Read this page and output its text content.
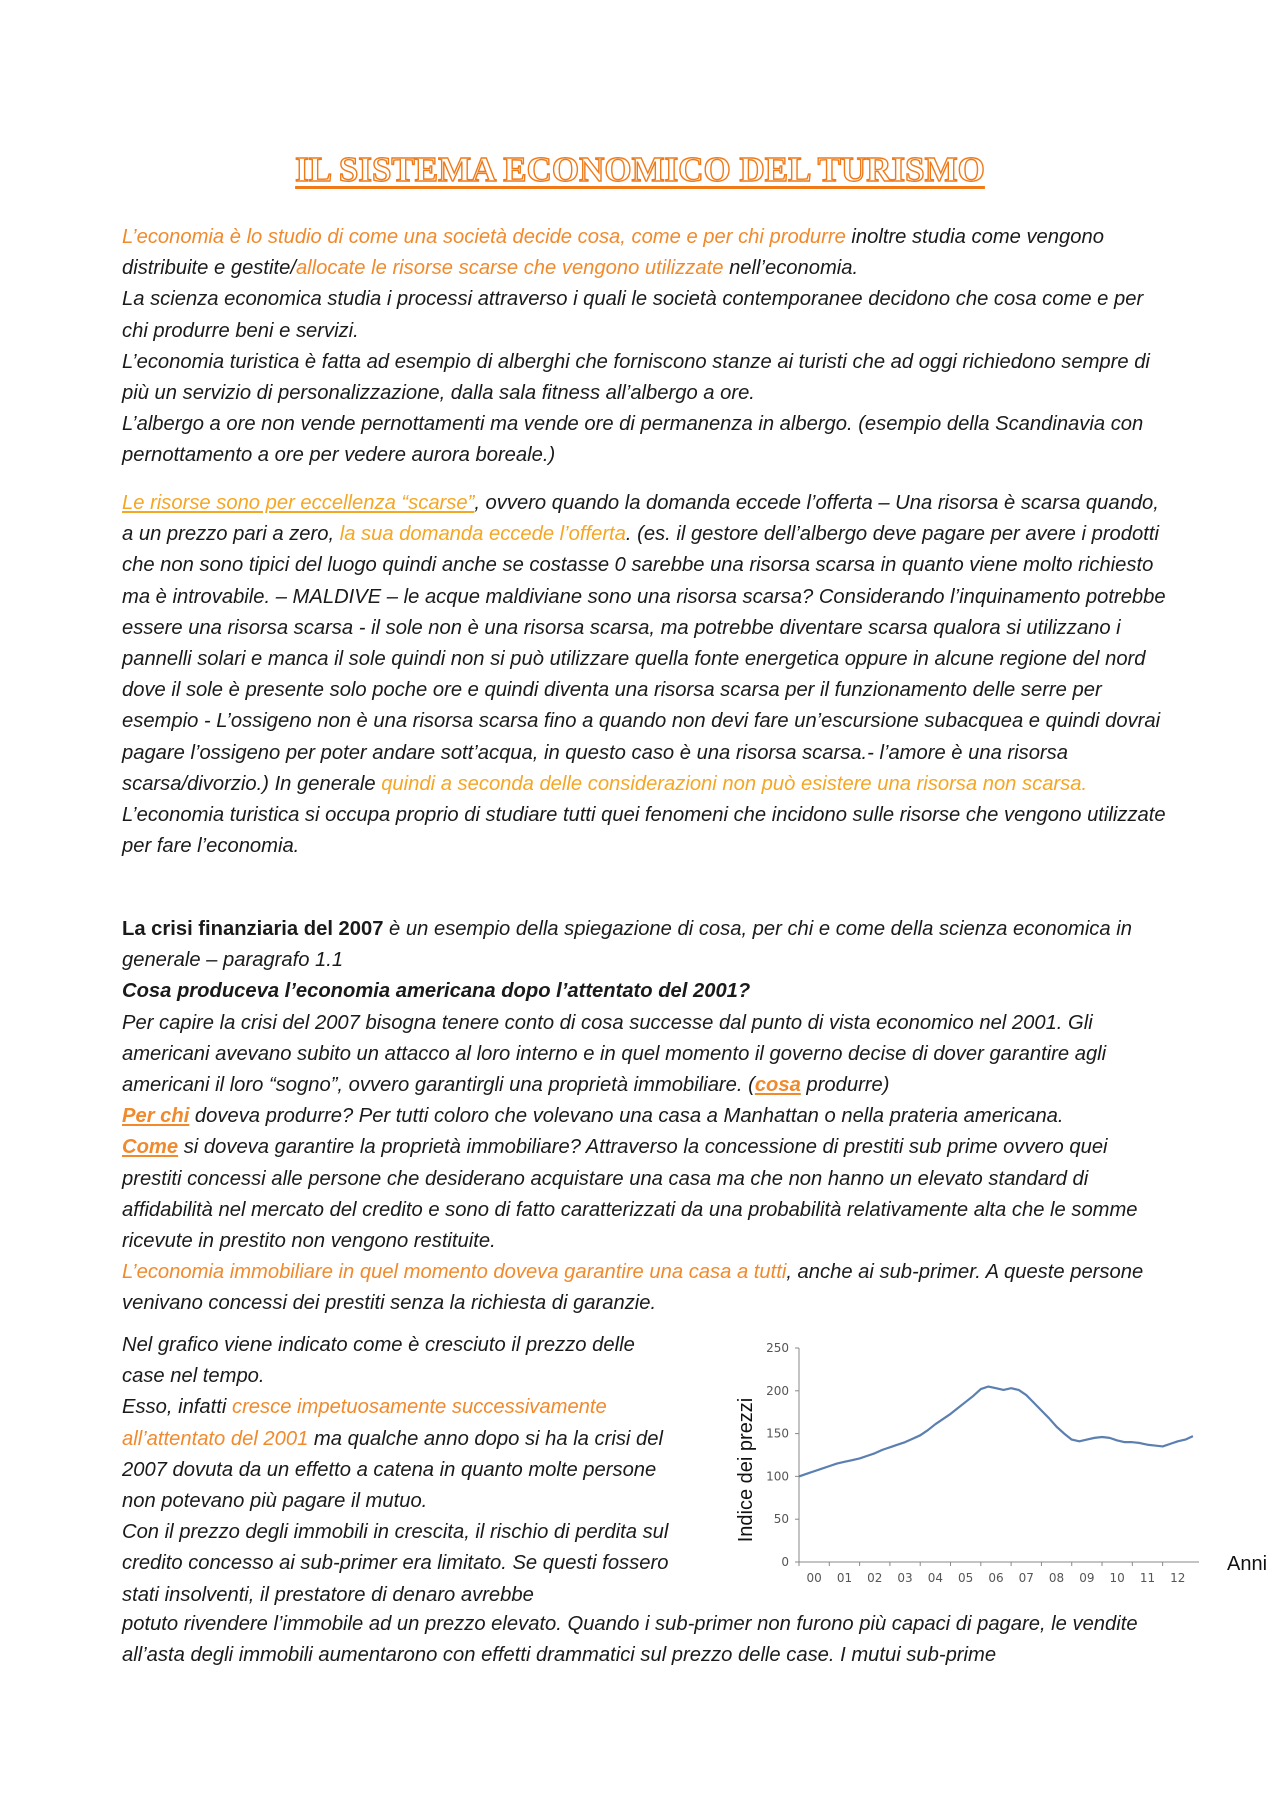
IL SISTEMA ECONOMICO DEL TURISMO

L’economia è lo studio di come una società decide cosa, come e per chi produrre inoltre studia come vengono distribuite e gestite/allocate le risorse scarse che vengono utilizzate nell’economia.

La scienza economica studia i processi attraverso i quali le società contemporanee decidono che cosa come e per chi produrre beni e servizi.

L’economia turistica è fatta ad esempio di alberghi che forniscono stanze ai turisti che ad oggi richiedono sempre di più un servizio di personalizzazione, dalla sala fitness all’albergo a ore.

L’albergo a ore non vende pernottamenti ma vende ore di permanenza in albergo. (esempio della Scandinavia con pernottamento a ore per vedere aurora boreale.)

Le risorse sono per eccellenza “scarse”, ovvero quando la domanda eccede l’offerta – Una risorsa è scarsa quando, a un prezzo pari a zero, la sua domanda eccede l’offerta. (es. il gestore dell’albergo deve pagare per avere i prodotti che non sono tipici del luogo quindi anche se costasse 0 sarebbe una risorsa scarsa in quanto viene molto richiesto ma è introvabile. – MALDIVE – le acque maldiviane sono una risorsa scarsa? Considerando l’inquinamento potrebbe essere una risorsa scarsa - il sole non è una risorsa scarsa, ma potrebbe diventare scarsa qualora si utilizzano i pannelli solari e manca il sole quindi non si può utilizzare quella fonte energetica oppure in alcune regione del nord dove il sole è presente solo poche ore e quindi diventa una risorsa scarsa per il funzionamento delle serre per esempio - L’ossigeno non è una risorsa scarsa fino a quando non devi fare un’escursione subacquea e quindi dovrai pagare l’ossigeno per poter andare sott’acqua, in questo caso è una risorsa scarsa.- l’amore è una risorsa scarsa/divorzio.) In generale quindi a seconda delle considerazioni non può esistere una risorsa non scarsa.

L’economia turistica si occupa proprio di studiare tutti quei fenomeni che incidono sulle risorse che vengono utilizzate per fare l’economia.

La crisi finanziaria del 2007 è un esempio della spiegazione di cosa, per chi e come della scienza economica in generale – paragrafo 1.1

Cosa produceva l’economia americana dopo l’attentato del 2001?

Per capire la crisi del 2007 bisogna tenere conto di cosa successe dal punto di vista economico nel 2001. Gli americani avevano subito un attacco al loro interno e in quel momento il governo decise di dover garantire agli americani il loro “sogno”, ovvero garantirgli una proprietà immobiliare. (cosa produrre)

Per chi doveva produrre? Per tutti coloro che volevano una casa a Manhattan o nella prateria americana.

Come si doveva garantire la proprietà immobiliare? Attraverso la concessione di prestiti sub prime ovvero quei prestiti concessi alle persone che desiderano acquistare una casa ma che non hanno un elevato standard di affidabilità nel mercato del credito e sono di fatto caratterizzati da una probabilità relativamente alta che le somme ricevute in prestito non vengono restituite.

L’economia immobiliare in quel momento doveva garantire una casa a tutti, anche ai sub-primer. A queste persone venivano concessi dei prestiti senza la richiesta di garanzie.

Nel grafico viene indicato come è cresciuto il prezzo delle case nel tempo.

Esso, infatti cresce impetuosamente successivamente all’attentato del 2001 ma qualche anno dopo si ha la crisi del 2007 dovuta da un effetto a catena in quanto molte persone non potevano più pagare il mutuo.

Con il prezzo degli immobili in crescita, il rischio di perdita sul credito concesso ai sub-primer era limitato. Se questi fossero stati insolventi, il prestatore di denaro avrebbe

potuto rivendere l’immobile ad un prezzo elevato. Quando i sub-primer non furono più capaci di pagare, le vendite all’asta degli immobili aumentarono con effetti drammatici sul prezzo delle case. I mutui sub-prime

0
50
100
150
200
250
00 01 02 03 04 05 06 07 08 09 10 11 12
Indice dei prezzi
Anni
